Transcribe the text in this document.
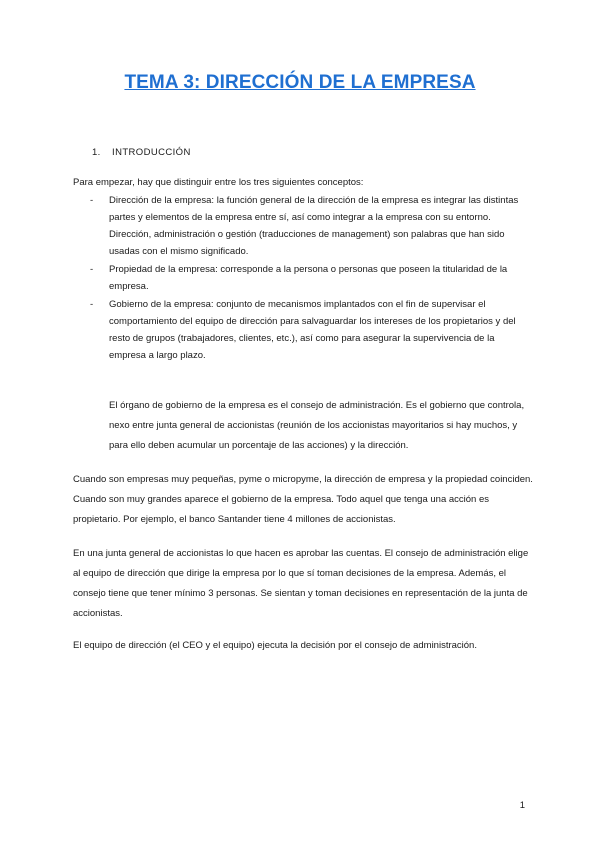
TEMA 3: DIRECCIÓN DE LA EMPRESA
1. INTRODUCCIÓN

Para empezar, hay que distinguir entre los tres siguientes conceptos:

- Dirección de la empresa: la función general de la dirección de la empresa es integrar las distintas partes y elementos de la empresa entre sí, así como integrar a la empresa con su entorno. Dirección, administración o gestión (traducciones de management) son palabras que han sido usadas con el mismo significado.
- Propiedad de la empresa: corresponde a la persona o personas que poseen la titularidad de la empresa.
- Gobierno de la empresa: conjunto de mecanismos implantados con el fin de supervisar el comportamiento del equipo de dirección para salvaguardar los intereses de los propietarios y del resto de grupos (trabajadores, clientes, etc.), así como para asegurar la supervivencia de la empresa a largo plazo.

El órgano de gobierno de la empresa es el consejo de administración. Es el gobierno que controla, nexo entre junta general de accionistas (reunión de los accionistas mayoritarios si hay muchos, y para ello deben acumular un porcentaje de las acciones) y la dirección.

Cuando son empresas muy pequeñas, pyme o micropyme, la dirección de empresa y la propiedad coinciden. Cuando son muy grandes aparece el gobierno de la empresa. Todo aquel que tenga una acción es propietario. Por ejemplo, el banco Santander tiene 4 millones de accionistas.

En una junta general de accionistas lo que hacen es aprobar las cuentas. El consejo de administración elige al equipo de dirección que dirige la empresa por lo que sí toman decisiones de la empresa. Además, el consejo tiene que tener mínimo 3 personas. Se sientan y toman decisiones en representación de la junta de accionistas.

El equipo de dirección (el CEO y el equipo) ejecuta la decisión por el consejo de administración.

1
